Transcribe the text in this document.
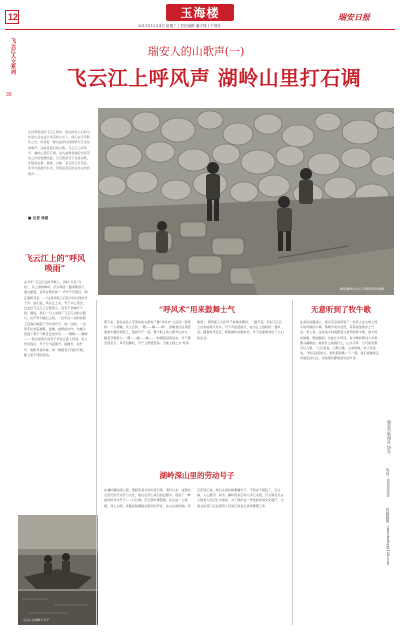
12	玉海楼
2013年12月4日 星期三 | 责任编辑 潘宇翔 | 于国彦
瑞安日报
飞云江人文系列
39
瑞安人的山歌声(一)
飞云江上呼风声 湖岭山里打石调
在民勇果招的飞云江两岸，居住的先人们和当时是生活在这片风景的山水上，他们在辛劳耕作之中，传承着一种自由淳朴的情感与艺术化的歌声。这就是我们的山歌。飞云江上呼风声，湖岭山里打石调，这些曲调是瑞安先民劳动之中的智慧结晶，它们既是号子也是民歌，伴随着农耕、捕鱼、运输、采石的日日夜夜。本刊今起推出系列，带领读者走进这些古老的歌声……
■ 记者 林源
瑞安湖岭山区打石场的劳动场景
飞云江上的“呼风唤雨”
在半年“飞云江边的号歌人，卯时”以及”乌时”，从上游的峰岭，沉浮等各一路风帆而下，据文献载，其早在明代的“一声号子声起处，满江船帆齐发……”这是老船工们至今仍记得的号子声。他们说，风从江上来，号子从心里出，过去在飞云江上行船的人，没有不会喊号子的。据说，我们一行人来到了飞云江边的古渡口，在芦苇与礁石之间，一位年近八旬的老船工给我们唱起了当年的号子。他一边唱，一边用手比划着撑篙、摇橹、收帆的动作，仿佛又回到了那个千帆竞发的年代……“嘿哟——嘿哟——”低沉而悠长的号子声在江面上回荡。老人告诉我们，号子分为起篙号、摇橹号、拉纤号、收帆号等多种，每一种都有不同的节奏，配合着不同的劳动。
飞云江上的船工号子
“呼风术”用来鼓舞士气
那下来，我在这些人手里却能完善地了解“呼风术”之后的一套规则：一人领喊，众人应和，“嘿——嗨——呦”，领喊者往往是经验最丰富的老船工，他的号子一起，整个船上的人便齐心协力，随着节奏用力。“嘿——嗨——嗨——”如遇到顶风逆水，号子便急促有力；风平浪静时，号子又舒缓悠扬。当地人称之为“呼风唤雨”，相传船工们的号子能唤来顺风，一路平安。旧时飞云江上往来的船只众多，号子声此起彼伏，成为江上独特的一道风景。随着时代变迁，帆船被机动船取代，号子也渐渐淡出了人们的生活。
湖岭深山里的劳动号子
在湖岭镇的深山里，曾经有着众多的采石场。清代以来，这里的石匠们世代以打石为生，他们在开山采石的过程中，创造了一种独特的劳动号子——打石调。打石调节奏铿锵，往往由一人领唱，众人合唱，伴随着铁锤敲击钢钎的声音，在山谷间回响。老石匠回忆说，抬石头的时候要喊号子，不然步子就乱了，石头重，人心要齐。如今，湖岭的采石场大多已关闭，打石调也只在少数老人的记忆中留存。为了保护这一珍贵的民间文化遗产，当地文化部门正在组织人员进行录音记录和整理工作。
无意听到了牧牛歌
在采访的路途上，我们无意间听到了一位老人在山坡上放牛时哼唱的小调。那歌声质朴自然，带着浓浓的乡土气息。老人说，这是他小时候跟着父辈学的牧牛歌，放牛的时候唱，既能解闷，也能让牛听话。牧牛歌的歌词大多是即兴编唱的，看到什么就唱什么，山水花草、日月星辰都可以入歌。“人们常说，山歌山歌，山里的歌，”老人笑着说，“我们这里的山，到处都是歌。”下一期，我们将继续走访瑞安的山区，寻找那些即将消失的声音。
瑞安市新闻社 协办
电话：65800800
投稿邮箱：ruiantoday@126.com
